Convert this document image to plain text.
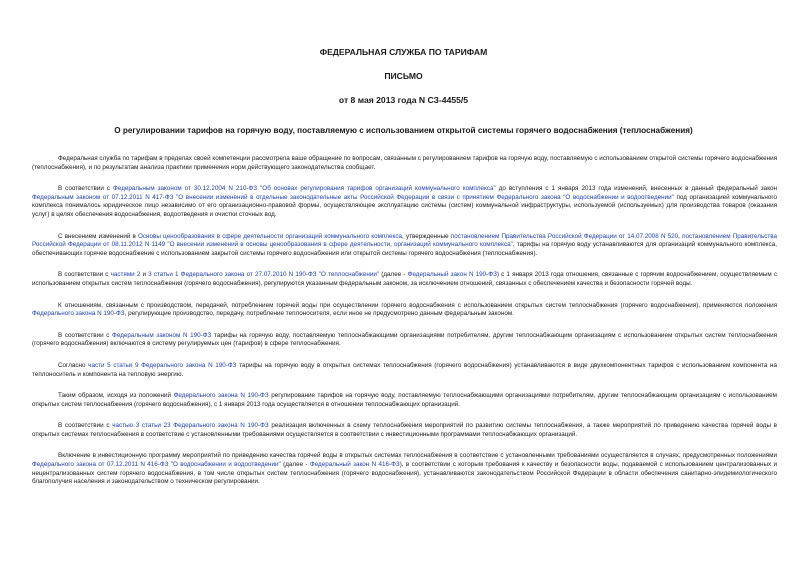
ФЕДЕРАЛЬНАЯ СЛУЖБА ПО ТАРИФАМ
ПИСЬМО
от 8 мая 2013 года N СЗ-4455/5
О регулировании тарифов на горячую воду, поставляемую с использованием открытой системы горячего водоснабжения (теплоснабжения)

Федеральная служба по тарифам в пределах своей компетенции рассмотрела ваше обращение по вопросам, связанным с регулированием тарифов на горячую воду, поставляемую с использованием открытой системы горячего водоснабжения (теплоснабжения), и по результатам анализа практики применения норм действующего законодательства сообщает.

В соответствии с Федеральным законом от 30.12.2004 N 210-ФЗ "Об основах регулирования тарифов организаций коммунального комплекса" до вступления с 1 января 2013 года изменений, внесенных в данный федеральный закон Федеральным законом от 07.12.2011 N 417-ФЗ "О внесении изменений в отдельные законодательные акты Российской Федерации в связи с принятием Федерального закона "О водоснабжении и водоотведении" под организацией коммунального комплекса понималось юридическое лицо независимо от его организационно-правовой формы, осуществляющее эксплуатацию системы (систем) коммунальной инфраструктуры, используемой (используемых) для производства товаров (оказания услуг) в целях обеспечения водоснабжения, водоотведения и очистки сточных вод.

С внесением изменений в Основы ценообразования в сфере деятельности организаций коммунального комплекса, утвержденные постановлением Правительства Российской Федерации от 14.07.2008 N 520, постановлением Правительства Российской Федерации от 08.11.2012 N 1149 "О внесении изменений в основы ценообразования в сфере деятельности, организаций коммунального комплекса", тарифы на горячую воду устанавливаются для организаций коммунального комплекса, обеспечивающих горячее водоснабжение с использованием закрытой системы горячего водоснабжения или открытой системы горячего водоснабжения (теплоснабжения).

В соответствии с частями 2 и 3 статьи 1 Федерального закона от 27.07.2010 N 190-ФЗ "О теплоснабжении" (далее - Федеральный закон N 190-ФЗ) с 1 января 2013 года отношения, связанные с горячим водоснабжением, осуществляемым с использованием открытых систем теплоснабжения (горячего водоснабжения), регулируются указанным федеральным законом, за исключением отношений, связанных с обеспечением качества и безопасности горячей воды.

К отношениям, связанным с производством, передачей, потреблением горячей воды при осуществлении горячего водоснабжения с использованием открытых систем теплоснабжения (горячего водоснабжения), применяются положения Федерального закона N 190-ФЗ, регулирующие производство, передачу, потребление теплоносителя, если иное не предусмотрено данным федеральным законом.

В соответствии с Федеральным законом N 190-ФЗ тарифы на горячую воду, поставляемую теплоснабжающими организациями потребителям, другим теплоснабжающим организациям с использованием открытых систем теплоснабжения (горячего водоснабжения) включаются в систему регулируемых цен (тарифов) в сфере теплоснабжения.

Согласно части 5 статьи 9 Федерального закона N 190-ФЗ тарифы на горячую воду в открытых системах теплоснабжения (горячего водоснабжения) устанавливаются в виде двухкомпонентных тарифов с использованием компонента на теплоноситель и компонента на тепловую энергию.

Таким образом, исходя из положений Федерального закона N 190-ФЗ регулирование тарифов на горячую воду, поставляемую теплоснабжающими организациями потребителям, другим теплоснабжающим организациям с использованием открытых систем теплоснабжения (горячего водоснабжения), с 1 января 2013 года осуществляется в отношении теплоснабжающих организаций.

В соответствии с частью 3 статьи 23 Федерального закона N 190-ФЗ реализация включенных в схему теплоснабжения мероприятий по развитию системы теплоснабжения, а также мероприятий по приведению качества горячей воды в открытых системах теплоснабжения в соответствие с установленными требованиями осуществляется в соответствии с инвестиционными программами теплоснабжающих организаций.

Включение в инвестиционную программу мероприятий по приведению качества горячей воды в открытых системах теплоснабжения в соответствие с установленными требованиями осуществляется в случаях, предусмотренных положениями Федерального закона от 07.12.2011 N 416-ФЗ "О водоснабжении и водоотведении" (далее - Федеральный закон N 416-ФЗ), в соответствии с которым требования к качеству и безопасности воды, подаваемой с использованием централизованных и нецентрализованных систем горячего водоснабжения, в том числе открытых систем теплоснабжения (горячего водоснабжения), устанавливаются законодательством Российской Федерации в области обеспечения санитарно-эпидемиологического благополучия населения и законодательством о техническом регулировании.
